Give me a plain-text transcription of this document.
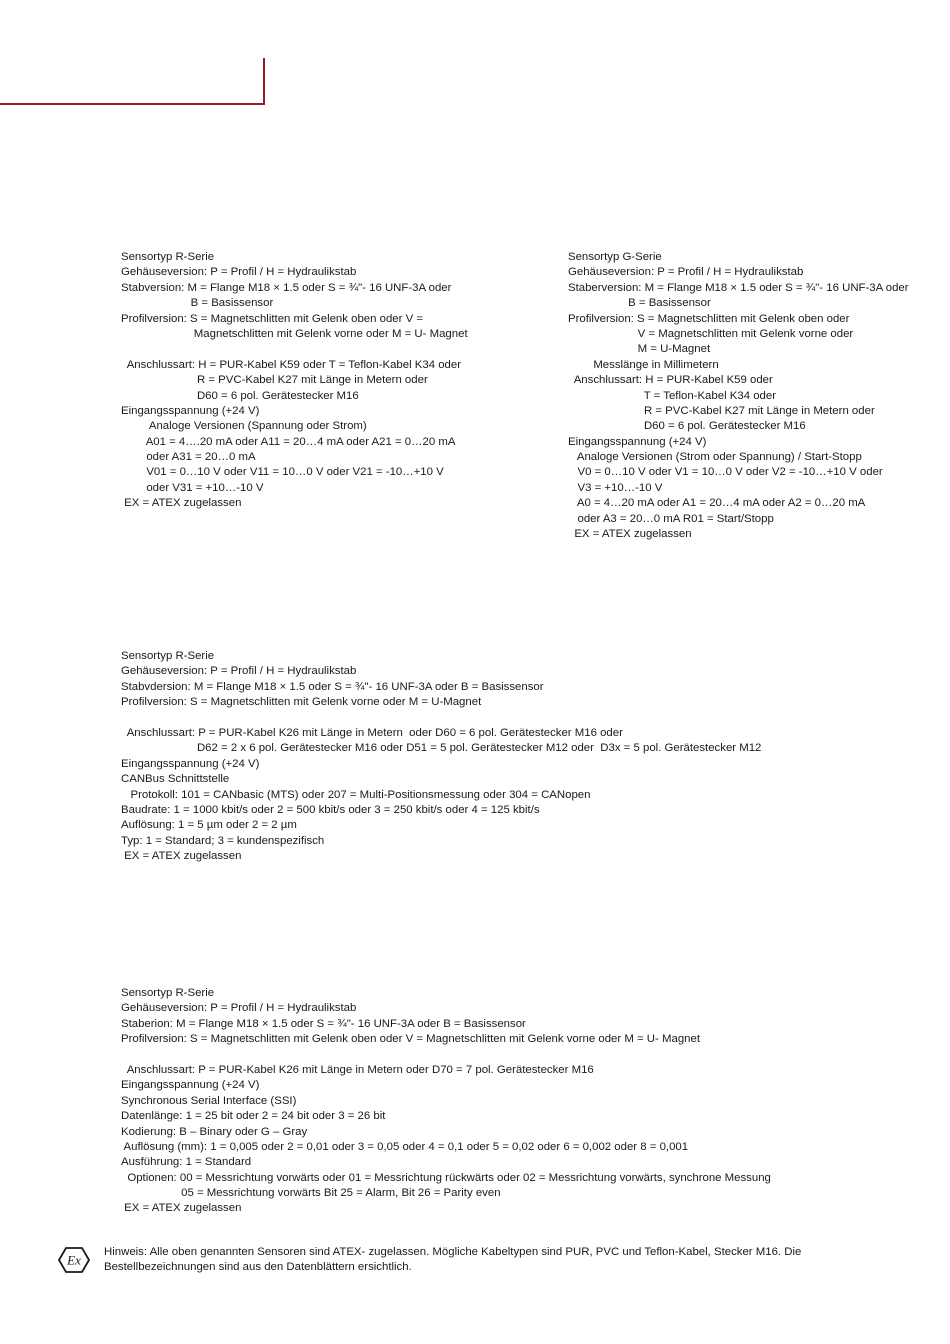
Sensortyp R-Serie
Gehäuseversion: P = Profil / H = Hydraulikstab
Stabversion: M = Flange M18 × 1.5 oder S = ¾"- 16 UNF-3A oder
B = Basissensor
Profilversion: S = Magnetschlitten mit Gelenk oben oder V =
Magnetschlitten mit Gelenk vorne oder M = U- Magnet
Anschlussart: H = PUR-Kabel K59 oder T = Teflon-Kabel K34 oder
R = PVC-Kabel K27 mit Länge in Metern oder
D60 = 6 pol. Gerätestecker M16
Eingangsspannung (+24 V)
Analoge Versionen (Spannung oder Strom)
A01 = 4….20 mA oder A11 = 20…4 mA oder A21 = 0…20 mA
oder A31 = 20…0 mA
V01 = 0…10 V oder V11 = 10…0 V oder V21 = -10…+10 V
oder V31 = +10…-10 V
EX = ATEX zugelassen
Sensortyp G-Serie
Gehäuseversion: P = Profil / H = Hydraulikstab
Staberversion: M = Flange M18 × 1.5 oder S = ¾"- 16 UNF-3A oder
B = Basissensor
Profilversion: S = Magnetschlitten mit Gelenk oben oder
V = Magnetschlitten mit Gelenk vorne oder
M = U-Magnet
Messlänge in Millimetern
Anschlussart: H = PUR-Kabel K59 oder
T = Teflon-Kabel K34 oder
R = PVC-Kabel K27 mit Länge in Metern oder
D60 = 6 pol. Gerätestecker M16
Eingangsspannung (+24 V)
Analoge Versionen (Strom oder Spannung) / Start-Stopp
V0 = 0…10 V oder V1 = 10…0 V oder V2 = -10…+10 V oder
V3 = +10…-10 V
A0 = 4…20 mA oder A1 = 20…4 mA oder A2 = 0…20 mA
oder A3 = 20…0 mA R01 = Start/Stopp
EX = ATEX zugelassen
Sensortyp R-Serie
Gehäuseversion: P = Profil / H = Hydraulikstab
Stabvdersion: M = Flange M18 × 1.5 oder S = ¾"- 16 UNF-3A oder B = Basissensor
Profilversion: S = Magnetschlitten mit Gelenk vorne oder M = U-Magnet
Anschlussart: P = PUR-Kabel K26 mit Länge in Metern  oder D60 = 6 pol. Gerätestecker M16 oder
D62 = 2 x 6 pol. Gerätestecker M16 oder D51 = 5 pol. Gerätestecker M12 oder  D3x = 5 pol. Gerätestecker M12
Eingangsspannung (+24 V)
CANBus Schnittstelle
Protokoll: 101 = CANbasic (MTS) oder 207 = Multi-Positionsmessung oder 304 = CANopen
Baudrate: 1 = 1000 kbit/s oder 2 = 500 kbit/s oder 3 = 250 kbit/s oder 4 = 125 kbit/s
Auflösung: 1 = 5 µm oder 2 = 2 µm
Typ: 1 = Standard; 3 = kundenspezifisch
EX = ATEX zugelassen
Sensortyp R-Serie
Gehäuseversion: P = Profil / H = Hydraulikstab
Staberion: M = Flange M18 × 1.5 oder S = ¾"- 16 UNF-3A oder B = Basissensor
Profilversion: S = Magnetschlitten mit Gelenk oben oder V = Magnetschlitten mit Gelenk vorne oder M = U- Magnet
Anschlussart: P = PUR-Kabel K26 mit Länge in Metern oder D70 = 7 pol. Gerätestecker M16
Eingangsspannung (+24 V)
Synchronous Serial Interface (SSI)
Datenlänge: 1 = 25 bit oder 2 = 24 bit oder 3 = 26 bit
Kodierung: B – Binary oder G – Gray
Auflösung (mm): 1 = 0,005 oder 2 = 0,01 oder 3 = 0,05 oder 4 = 0,1 oder 5 = 0,02 oder 6 = 0,002 oder 8 = 0,001
Ausführung: 1 = Standard
Optionen: 00 = Messrichtung vorwärts oder 01 = Messrichtung rückwärts oder 02 = Messrichtung vorwärts, synchrone Messung
05 = Messrichtung vorwärts Bit 25 = Alarm, Bit 26 = Parity even
EX = ATEX zugelassen
Ex
Hinweis: Alle oben genannten Sensoren sind ATEX- zugelassen. Mögliche Kabeltypen sind PUR, PVC und Teflon-Kabel, Stecker M16. Die Bestellbezeichnungen sind aus den Datenblättern ersichtlich.
